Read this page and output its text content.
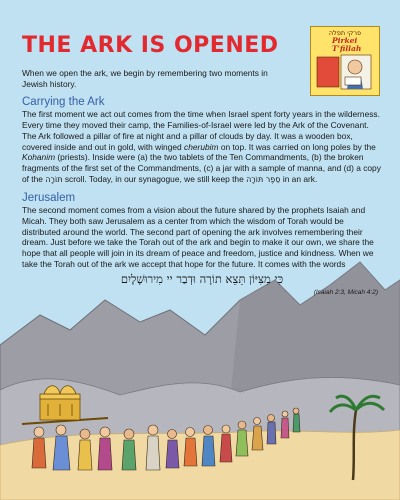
THE ARK IS OPENED	פרקי תפלה
Pirkei
T'fillah

When we open the ark, we begin by remembering two moments in Jewish history.

Carrying the Ark

The first moment we act out comes from the time when Israel spent forty years in the wilderness. Every time they moved their camp, the Families-of-Israel were led by the Ark of the Covenant. The Ark followed a pillar of fire at night and a pillar of clouds by day. It was a wooden box, covered inside and out in gold, with winged cherubim on top. It was carried on long poles by the Kohanim (priests). Inside were (a) the two tablets of the Ten Commandments, (b) the broken fragments of the first set of the Commandments, (c) a jar with a sample of manna, and (d) a copy of the תּוֹרָה scroll. Today, in our synagogue, we still keep the סֵפֶר תּוֹרָה in an ark.

Jerusalem

The second moment comes from a vision about the future shared by the prophets Isaiah and Micah. They both saw Jerusalem as a center from which the wisdom of Torah would be distributed around the world. The second part of opening the ark involves remembering their dream. Just before we take the Torah out of the ark and begin to make it our own, we share the hope that all people will join in its dream of peace and freedom, justice and kindness. When we take the Torah out of the ark we accept that hope for the future. It comes with the words

כִּי מִצִּיּוֹן תֵּצֵא תוֹרָה וּדְבַר יי מִירוּשָׁלָיִם

(Isaiah 2:3, Micah 4:2)
